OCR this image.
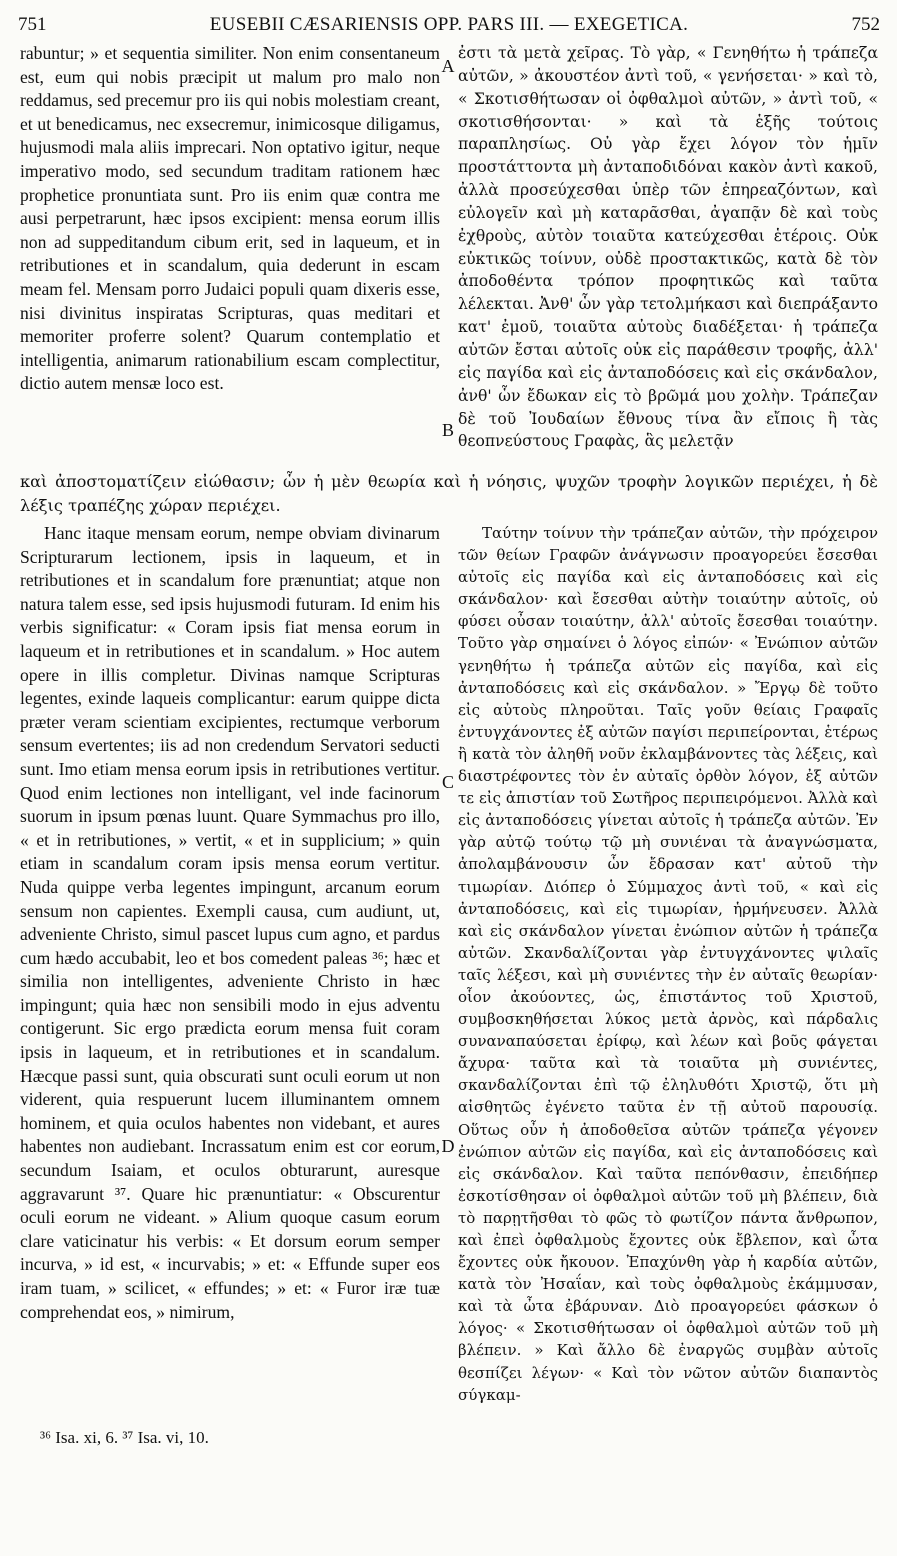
751	EUSEBII CÆSARIENSIS OPP. PARS III. — EXEGETICA.	752

rabuntur; » et sequentia similiter. Non enim consentaneum est, eum qui nobis præcipit ut malum pro malo non reddamus, sed precemur pro iis qui nobis molestiam creant, et ut benedicamus, nec exsecremur, inimicosque diligamus, hujusmodi mala aliis imprecari. Non optativo igitur, neque imperativo modo, sed secundum traditam rationem hæc prophetice pronuntiata sunt. Pro iis enim quæ contra me ausi perpetrarunt, hæc ipsos excipient: mensa eorum illis non ad suppeditandum cibum erit, sed in laqueum, et in retributiones et in scandalum, quia dederunt in escam meam fel. Mensam porro Judaici populi quam dixeris esse, nisi divinitus inspiratas Scripturas, quas meditari et memoriter proferre solent? Quarum contemplatio et intelligentia, animarum rationabilium escam complectitur, dictio autem mensæ loco est.

ἐστι τὰ μετὰ χεῖρας. Τὸ γὰρ, « Γενηθήτω ἡ τράπεζα αὐτῶν, » ἀκουστέον ἀντὶ τοῦ, « γενήσεται· » καὶ τὸ, « Σκοτισθήτωσαν οἱ ὀφθαλμοὶ αὐτῶν, » ἀντὶ τοῦ, « σκοτισθήσονται· » καὶ τὰ ἑξῆς τούτοις παραπλησίως. Οὐ γὰρ ἔχει λόγον τὸν ἡμῖν προστάττοντα μὴ ἀνταποδιδόναι κακὸν ἀντὶ κακοῦ, ἀλλὰ προσεύχεσθαι ὑπὲρ τῶν ἐπηρεαζόντων, καὶ εὐλογεῖν καὶ μὴ καταρᾶσθαι, ἀγαπᾷν δὲ καὶ τοὺς ἐχθροὺς, αὐτὸν τοιαῦτα κατεύχεσθαι ἑτέροις. Οὐκ εὐκτικῶς τοίνυν, οὐδὲ προστακτικῶς, κατὰ δὲ τὸν ἀποδοθέντα τρόπον προφητικῶς καὶ ταῦτα λέλεκται. Ἀνθ' ὧν γὰρ τετολμήκασι καὶ διεπράξαντο κατ' ἐμοῦ, τοιαῦτα αὐτοὺς διαδέξεται· ἡ τράπεζα αὐτῶν ἔσται αὐτοῖς οὐκ εἰς παράθεσιν τροφῆς, ἀλλ' εἰς παγίδα καὶ εἰς ἀνταποδόσεις καὶ εἰς σκάνδαλον, ἀνθ' ὧν ἔδωκαν εἰς τὸ βρῶμά μου χολὴν. Τράπεζαν δὲ τοῦ Ἰουδαίων ἔθνους τίνα ἂν εἴποις ἢ τὰς θεοπνεύστους Γραφὰς, ἃς μελετᾷν

A
B
C
D

καὶ ἀποστοματίζειν εἰώθασιν; ὧν ἡ μὲν θεωρία καὶ ἡ νόησις, ψυχῶν τροφὴν λογικῶν περιέχει, ἡ δὲ λέξις τραπέζης χώραν περιέχει.

Hanc itaque mensam eorum, nempe obviam divinarum Scripturarum lectionem, ipsis in laqueum, et in retributiones et in scandalum fore prænuntiat; atque non natura talem esse, sed ipsis hujusmodi futuram. Id enim his verbis significatur: « Coram ipsis fiat mensa eorum in laqueum et in retributiones et in scandalum. » Hoc autem opere in illis completur. Divinas namque Scripturas legentes, exinde laqueis complicantur: earum quippe dicta præter veram scientiam excipientes, rectumque verborum sensum evertentes; iis ad non credendum Servatori seducti sunt. Imo etiam mensa eorum ipsis in retributiones vertitur. Quod enim lectiones non intelligant, vel inde facinorum suorum in ipsum pœnas luunt. Quare Symmachus pro illo, « et in retributiones, » vertit, « et in supplicium; » quin etiam in scandalum coram ipsis mensa eorum vertitur. Nuda quippe verba legentes impingunt, arcanum eorum sensum non capientes. Exempli causa, cum audiunt, ut, adveniente Christo, simul pascet lupus cum agno, et pardus cum hædo accubabit, leo et bos comedent paleas ³⁶; hæc et similia non intelligentes, adveniente Christo in hæc impingunt; quia hæc non sensibili modo in ejus adventu contigerunt. Sic ergo prædicta eorum mensa fuit coram ipsis in laqueum, et in retributiones et in scandalum. Hæcque passi sunt, quia obscurati sunt oculi eorum ut non viderent, quia respuerunt lucem illuminantem omnem hominem, et quia oculos habentes non videbant, et aures habentes non audiebant. Incrassatum enim est cor eorum, secundum Isaiam, et oculos obturarunt, auresque aggravarunt ³⁷. Quare hic prænuntiatur: « Obscurentur oculi eorum ne videant. » Alium quoque casum eorum clare vaticinatur his verbis: « Et dorsum eorum semper incurva, » id est, « incurvabis; » et: « Effunde super eos iram tuam, » scilicet, « effundes; » et: « Furor iræ tuæ comprehendat eos, » nimirum,

Ταύτην τοίνυν τὴν τράπεζαν αὐτῶν, τὴν πρόχειρον τῶν θείων Γραφῶν ἀνάγνωσιν προαγορεύει ἔσεσθαι αὐτοῖς εἰς παγίδα καὶ εἰς ἀνταποδόσεις καὶ εἰς σκάνδαλον· καὶ ἔσεσθαι αὐτὴν τοιαύτην αὐτοῖς, οὐ φύσει οὖσαν τοιαύτην, ἀλλ' αὐτοῖς ἔσεσθαι τοιαύτην. Τοῦτο γὰρ σημαίνει ὁ λόγος εἰπών· « Ἐνώπιον αὐτῶν γενηθήτω ἡ τράπεζα αὐτῶν εἰς παγίδα, καὶ εἰς ἀνταποδόσεις καὶ εἰς σκάνδαλον. » Ἔργῳ δὲ τοῦτο εἰς αὐτοὺς πληροῦται. Ταῖς γοῦν θείαις Γραφαῖς ἐντυγχάνοντες ἐξ αὐτῶν παγίσι περιπείρονται, ἑτέρως ἢ κατὰ τὸν ἀληθῆ νοῦν ἐκλαμβάνοντες τὰς λέξεις, καὶ διαστρέφοντες τὸν ἐν αὐταῖς ὀρθὸν λόγον, ἐξ αὐτῶν τε εἰς ἀπιστίαν τοῦ Σωτῆρος περιπειρόμενοι. Ἀλλὰ καὶ εἰς ἀνταποδόσεις γίνεται αὐτοῖς ἡ τράπεζα αὐτῶν. Ἐν γὰρ αὐτῷ τούτῳ τῷ μὴ συνιέναι τὰ ἀναγνώσματα, ἀπολαμβάνουσιν ὧν ἔδρασαν κατ' αὐτοῦ τὴν τιμωρίαν. Διόπερ ὁ Σύμμαχος ἀντὶ τοῦ, « καὶ εἰς ἀνταποδόσεις, καὶ εἰς τιμωρίαν, ἡρμήνευσεν. Ἀλλὰ καὶ εἰς σκάνδαλον γίνεται ἐνώπιον αὐτῶν ἡ τράπεζα αὐτῶν. Σκανδαλίζονται γὰρ ἐντυγχάνοντες ψιλαῖς ταῖς λέξεσι, καὶ μὴ συνιέντες τὴν ἐν αὐταῖς θεωρίαν· οἷον ἀκούοντες, ὡς, ἐπιστάντος τοῦ Χριστοῦ, συμβοσκηθήσεται λύκος μετὰ ἀρνὸς, καὶ πάρδαλις συναναπαύσεται ἐρίφῳ, καὶ λέων καὶ βοῦς φάγεται ἄχυρα· ταῦτα καὶ τὰ τοιαῦτα μὴ συνιέντες, σκανδαλίζονται ἐπὶ τῷ ἐληλυθότι Χριστῷ, ὅτι μὴ αἰσθητῶς ἐγένετο ταῦτα ἐν τῇ αὐτοῦ παρουσίᾳ. Οὕτως οὖν ἡ ἀποδοθεῖσα αὐτῶν τράπεζα γέγονεν ἐνώπιον αὐτῶν εἰς παγίδα, καὶ εἰς ἀνταποδόσεις καὶ εἰς σκάνδαλον. Καὶ ταῦτα πεπόνθασιν, ἐπειδήπερ ἐσκοτίσθησαν οἱ ὀφθαλμοὶ αὐτῶν τοῦ μὴ βλέπειν, διὰ τὸ παρῃτῆσθαι τὸ φῶς τὸ φωτίζον πάντα ἄνθρωπον, καὶ ἐπεὶ ὀφθαλμοὺς ἔχοντες οὐκ ἔβλεπον, καὶ ὦτα ἔχοντες οὐκ ἤκουον. Ἐπαχύνθη γὰρ ἡ καρδία αὐτῶν, κατὰ τὸν Ἠσαΐαν, καὶ τοὺς ὀφθαλμοὺς ἐκάμμυσαν, καὶ τὰ ὦτα ἐβάρυναν. Διὸ προαγορεύει φάσκων ὁ λόγος· « Σκοτισθήτωσαν οἱ ὀφθαλμοὶ αὐτῶν τοῦ μὴ βλέπειν. » Καὶ ἄλλο δὲ ἐναργῶς συμβὰν αὐτοῖς θεσπίζει λέγων· « Καὶ τὸν νῶτον αὐτῶν διαπαντὸς σύγκαμ-

³⁶ Isa. xi, 6. ³⁷ Isa. vi, 10.
